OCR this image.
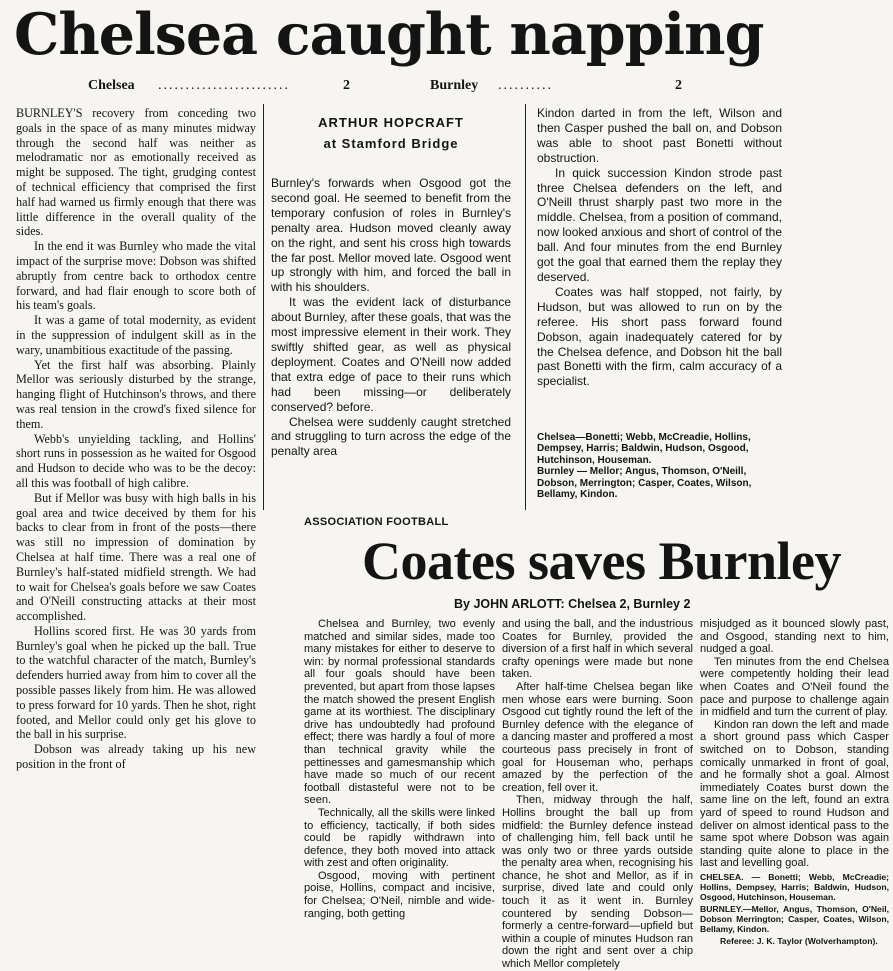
Chelsea caught napping
Chelsea ........................	2	Burnley ..........	2

BURNLEY'S recovery from conceding two goals in the space of as many minutes midway through the second half was neither as melodramatic nor as emotionally received as might be supposed. The tight, grudging contest of technical efficiency that comprised the first half had warned us firmly enough that there was little difference in the overall quality of the sides.

In the end it was Burnley who made the vital impact of the surprise move: Dobson was shifted abruptly from centre back to orthodox centre forward, and had flair enough to score both of his team's goals.

It was a game of total modernity, as evident in the suppression of indulgent skill as in the wary, unambitious exactitude of the passing.

Yet the first half was absorbing. Plainly Mellor was seriously disturbed by the strange, hanging flight of Hutchinson's throws, and there was real tension in the crowd's fixed silence for them.

Webb's unyielding tackling, and Hollins' short runs in possession as he waited for Osgood and Hudson to decide who was to be the decoy: all this was football of high calibre.

But if Mellor was busy with high balls in his goal area and twice deceived by them for his backs to clear from in front of the posts—there was still no impression of domination by Chelsea at half time. There was a real one of Burnley's half-stated midfield strength. We had to wait for Chelsea's goals before we saw Coates and O'Neill constructing attacks at their most accomplished.

Hollins scored first. He was 30 yards from Burnley's goal when he picked up the ball. True to the watchful character of the match, Burnley's defenders hurried away from him to cover all the possible passes likely from him. He was allowed to press forward for 10 yards. Then he shot, right footed, and Mellor could only get his glove to the ball in his surprise.

Dobson was already taking up his new position in the front of

ARTHUR HOPCRAFT
at Stamford Bridge

Burnley's forwards when Osgood got the second goal. He seemed to benefit from the temporary confusion of roles in Burnley's penalty area. Hudson moved cleanly away on the right, and sent his cross high towards the far post. Mellor moved late. Osgood went up strongly with him, and forced the ball in with his shoulders.

It was the evident lack of disturbance about Burnley, after these goals, that was the most impressive element in their work. They swiftly shifted gear, as well as physical deployment. Coates and O'Neill now added that extra edge of pace to their runs which had been missing—or deliberately conserved? before.

Chelsea were suddenly caught stretched and struggling to turn across the edge of the penalty area

Kindon darted in from the left, Wilson and then Casper pushed the ball on, and Dobson was able to shoot past Bonetti without obstruction.

In quick succession Kindon strode past three Chelsea defenders on the left, and O'Neill thrust sharply past two more in the middle. Chelsea, from a position of command, now looked anxious and short of control of the ball. And four minutes from the end Burnley got the goal that earned them the replay they deserved.

Coates was half stopped, not fairly, by Hudson, but was allowed to run on by the referee. His short pass forward found Dobson, again inadequately catered for by the Chelsea defence, and Dobson hit the ball past Bonetti with the firm, calm accuracy of a specialist.

Chelsea—Bonetti; Webb, McCreadie, Hollins, Dempsey, Harris; Baldwin, Hudson, Osgood, Hutchinson, Houseman.

Burnley — Mellor; Angus, Thomson, O'Neill, Dobson, Merrington; Casper, Coates, Wilson, Bellamy, Kindon.

ASSOCIATION FOOTBALL
Coates saves Burnley
By JOHN ARLOTT: Chelsea 2, Burnley 2

Chelsea and Burnley, two evenly matched and similar sides, made too many mistakes for either to deserve to win: by normal professional standards all four goals should have been prevented, but apart from those lapses the match showed the present English game at its worthiest. The disciplinary drive has undoubtedly had profound effect; there was hardly a foul of more than technical gravity while the pettinesses and gamesmanship which have made so much of our recent football distasteful were not to be seen.

Technically, all the skills were linked to efficiency, tactically, if both sides could be rapidly withdrawn into defence, they both moved into attack with zest and often originality.

Osgood, moving with pertinent poise, Hollins, compact and incisive, for Chelsea; O'Neil, nimble and wide-ranging, both getting

and using the ball, and the industrious Coates for Burnley, provided the diversion of a first half in which several crafty openings were made but none taken.

After half-time Chelsea began like men whose ears were burning. Soon Osgood cut tightly round the left of the Burnley defence with the elegance of a dancing master and proffered a most courteous pass precisely in front of goal for Houseman who, perhaps amazed by the perfection of the creation, fell over it.

Then, midway through the half, Hollins brought the ball up from midfield: the Burnley defence instead of challenging him, fell back until he was only two or three yards outside the penalty area when, recognising his chance, he shot and Mellor, as if in surprise, dived late and could only touch it as it went in. Burnley countered by sending Dobson—formerly a centre-forward—upfield but within a couple of minutes Hudson ran down the right and sent over a chip which Mellor completely

misjudged as it bounced slowly past, and Osgood, standing next to him, nudged a goal.

Ten minutes from the end Chelsea were competently holding their lead when Coates and O'Neil found the pace and purpose to challenge again in midfield and turn the current of play.

Kindon ran down the left and made a short ground pass which Casper switched on to Dobson, standing comically unmarked in front of goal, and he formally shot a goal. Almost immediately Coates burst down the same line on the left, found an extra yard of speed to round Hudson and deliver on almost identical pass to the same spot where Dobson was again standing quite alone to place in the last and levelling goal.

CHELSEA. — Bonetti; Webb, McCreadie; Hollins, Dempsey, Harris; Baldwin, Hudson, Osgood, Hutchinson, Houseman.

BURNLEY.—Mellor, Angus, Thomson, O'Neil, Dobson Merrington; Casper, Coates, Wilson, Bellamy, Kindon.

Referee: J. K. Taylor (Wolverhampton).
